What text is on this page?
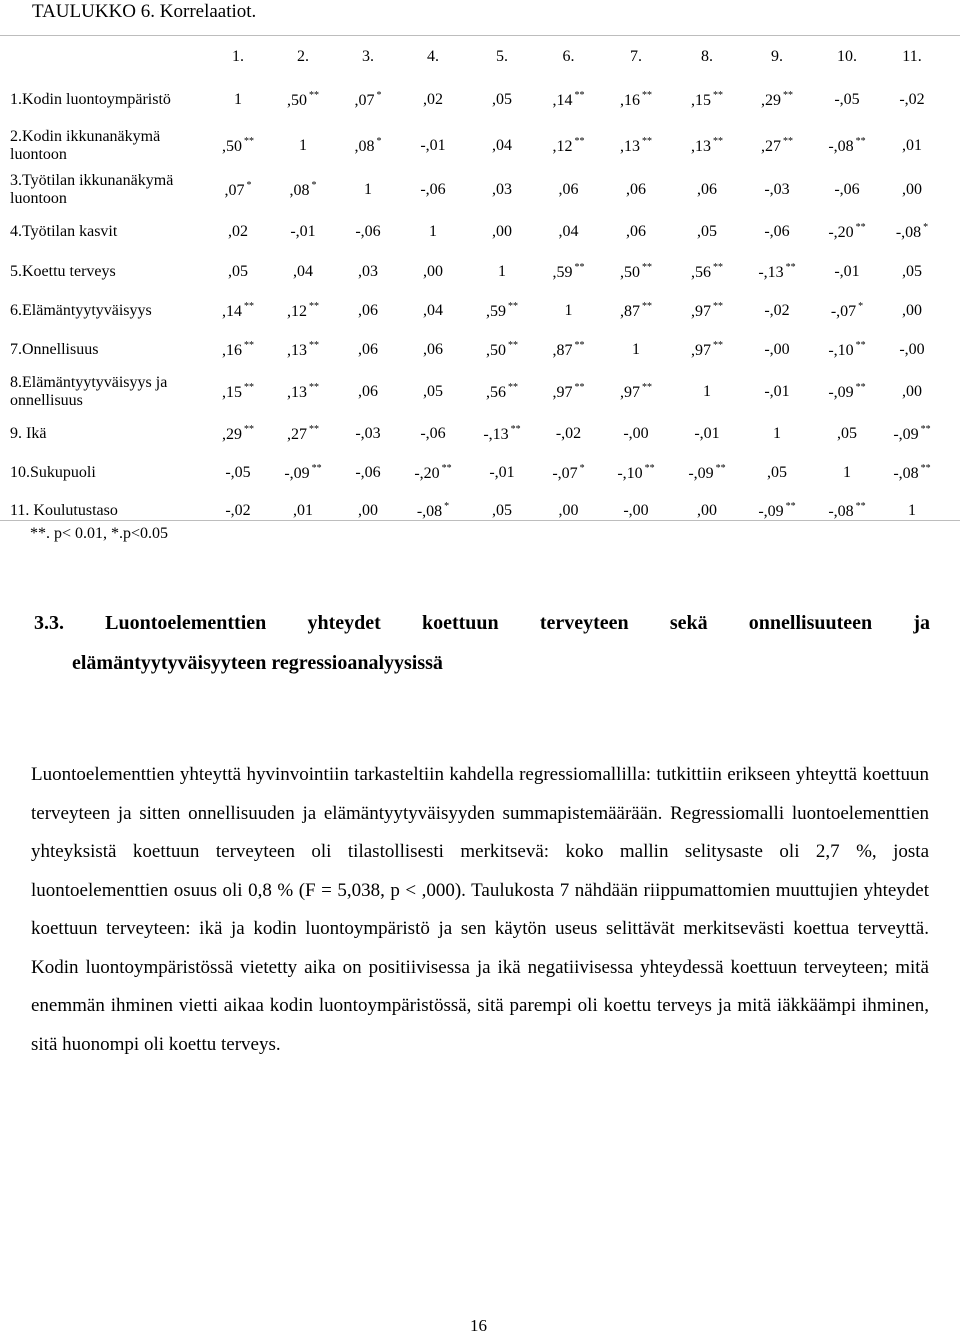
TAULUKKO 6. Korrelaatiot.
	1.	2.	3.	4.	5.	6.	7.	8.	9.	10.	11.
1.Kodin luontoympäristö	1	,50 **	,07 *	,02	,05	,14 **	,16 **	,15 **	,29 **	-,05	-,02
2.Kodin ikkunanäkymä luontoon	,50 **	1	,08 *	-,01	,04	,12 **	,13 **	,13 **	,27 **	-,08 **	,01
3.Työtilan ikkunanäkymä luontoon	,07 *	,08 *	1	-,06	,03	,06	,06	,06	-,03	-,06	,00
4.Työtilan kasvit	,02	-,01	-,06	1	,00	,04	,06	,05	-,06	-,20 **	-,08 *
5.Koettu terveys	,05	,04	,03	,00	1	,59 **	,50 **	,56 **	-,13 **	-,01	,05
6.Elämäntyytyväisyys	,14 **	,12 **	,06	,04	,59 **	1	,87 **	,97 **	-,02	-,07 *	,00
7.Onnellisuus	,16 **	,13 **	,06	,06	,50 **	,87 **	1	,97 **	-,00	-,10 **	-,00
8.Elämäntyytyväisyys ja onnellisuus	,15 **	,13 **	,06	,05	,56 **	,97 **	,97 **	1	-,01	-,09 **	,00
9. Ikä	,29 **	,27 **	-,03	-,06	-,13 **	-,02	-,00	-,01	1	,05	-,09 **
10.Sukupuoli	-,05	-,09 **	-,06	-,20 **	-,01	-,07 *	-,10 **	-,09 **	,05	1	-,08 **
11. Koulutustaso	-,02	,01	,00	-,08 *	,05	,00	-,00	,00	-,09 **	-,08 **	1
**. p< 0.01, *.p<0.05
3.3. Luontoelementtien yhteydet koettuun terveyteen sekä onnellisuuteen ja
elämäntyytyväisyyteen regressioanalyysissä
Luontoelementtien yhteyttä hyvinvointiin tarkasteltiin kahdella regressiomallilla: tutkittiin erikseen yhteyttä koettuun terveyteen ja sitten onnellisuuden ja elämäntyytyväisyyden summapistemäärään. Regressiomalli luontoelementtien yhteyksistä koettuun terveyteen oli tilastollisesti merkitsevä: koko mallin selitysaste oli 2,7 %, josta luontoelementtien osuus oli 0,8 % (F = 5,038, p < ,000). Taulukosta 7 nähdään riippumattomien muuttujien yhteydet koettuun terveyteen: ikä ja kodin luontoympäristö ja sen käytön useus selittävät merkitsevästi koettua terveyttä. Kodin luontoympäristössä vietetty aika on positiivisessa ja ikä negatiivisessa yhteydessä koettuun terveyteen; mitä enemmän ihminen vietti aikaa kodin luontoympäristössä, sitä parempi oli koettu terveys ja mitä iäkkäämpi ihminen, sitä huonompi oli koettu terveys.
16
